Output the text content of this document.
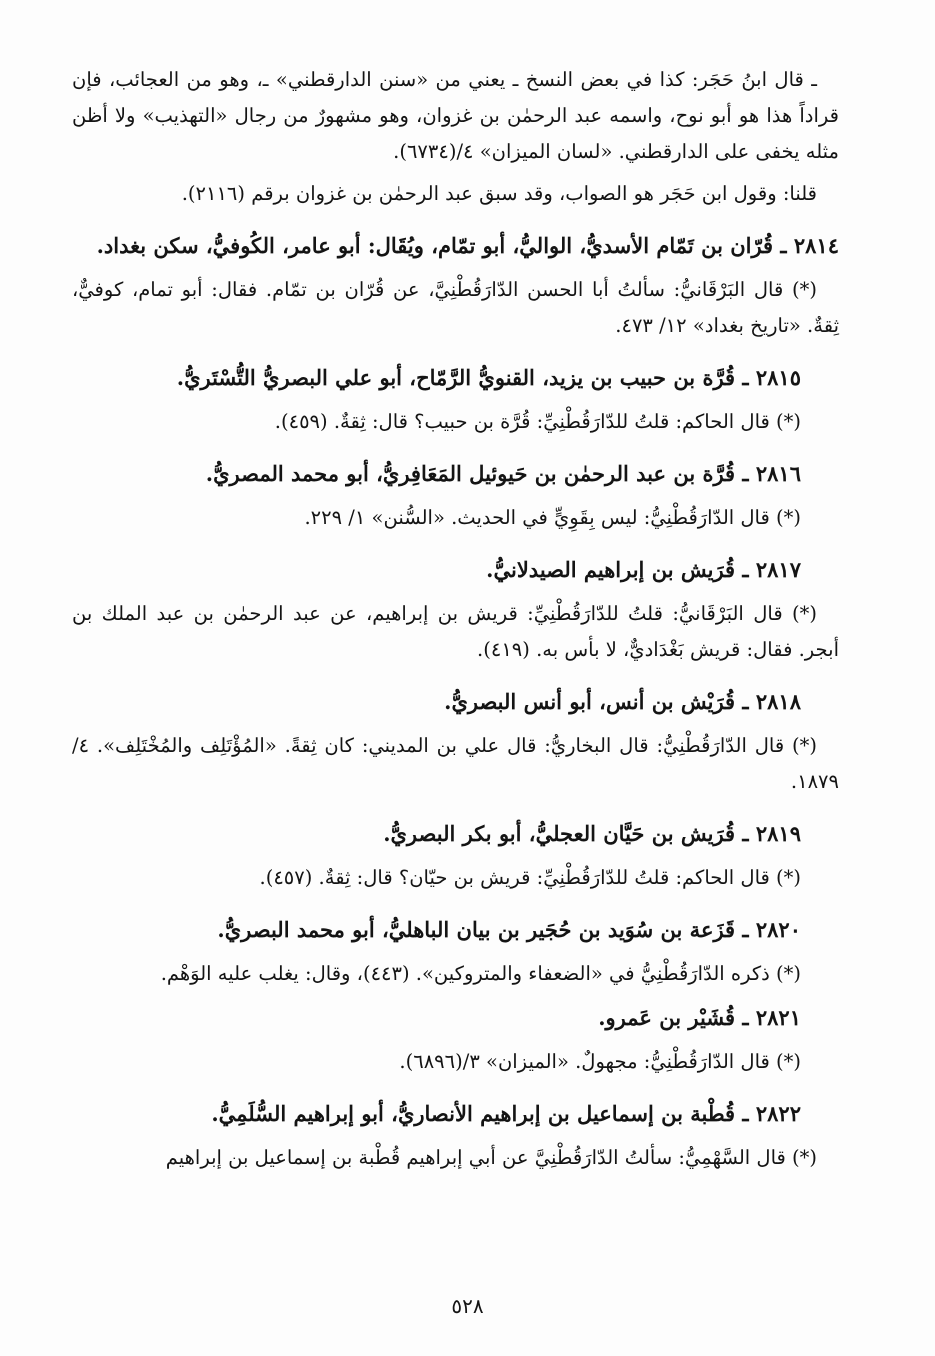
ـ قال ابنُ حَجَر: كذا في بعض النسخ ـ يعني من «سنن الدارقطني» ـ، وهو من العجائب، فإن قراداً هذا هو أبو نوح، واسمه عبد الرحمٰن بن غزوان، وهو مشهورٌ من رجال «التهذيب» ولا أظن مثله يخفى على الدارقطني. «لسان الميزان» ٤/(٦٧٣٤).

قلنا: وقول ابن حَجَر هو الصواب، وقد سبق عبد الرحمٰن بن غزوان برقم (٢١١٦).

٢٨١٤ ـ قُرّان بن تَمّام الأسديُّ، الواليُّ، أبو تمّام، ويُقَال: أبو عامر، الكُوفيُّ، سكن بغداد.

(*) قال البَرْقَانيُّ: سألتُ أبا الحسن الدّارَقُطْنِيَّ، عن قُرّان بن تمّام. فقال: أبو تمام، كوفيٌّ، ثِقةٌ. «تاريخ بغداد» ١٢/ ٤٧٣.

٢٨١٥ ـ قُرَّة بن حبيب بن يزيد، القنويُّ الرَّمّاح، أبو علي البصريُّ التُّسْتَريُّ.

(*) قال الحاكم: قلتُ للدّارَقُطْنِيِّ: قُرَّة بن حبيب؟ قال: ثِقةٌ. (٤٥٩).

٢٨١٦ ـ قُرَّة بن عبد الرحمٰن بن حَيوئيل المَعَافِريُّ، أبو محمد المصريُّ.

(*) قال الدّارَقُطْنِيُّ: ليس بِقَوِيٍّ في الحديث. «السُّنن» ١/ ٢٢٩.

٢٨١٧ ـ قُرَيش بن إبراهيم الصيدلانيُّ.

(*) قال البَرْقَانيُّ: قلتُ للدّارَقُطْنِيِّ: قريش بن إبراهيم، عن عبد الرحمٰن بن عبد الملك بن أبجر. فقال: قريش بَغْدَاديٌّ، لا بأس به. (٤١٩).

٢٨١٨ ـ قُرَيْش بن أنس، أبو أنس البصريُّ.

(*) قال الدّارَقُطْنِيُّ: قال البخاريُّ: قال علي بن المديني: كان ثِقةً. «المُؤْتَلِف والمُخْتَلِف». ٤/ ١٨٧٩.

٢٨١٩ ـ قُرَيش بن حَيَّان العجليُّ، أبو بكر البصريُّ.

(*) قال الحاكم: قلتُ للدّارَقُطْنِيِّ: قريش بن حيّان؟ قال: ثِقةٌ. (٤٥٧).

٢٨٢٠ ـ قَزَعة بن سُوَيد بن حُجَير بن بيان الباهليُّ، أبو محمد البصريُّ.

(*) ذكره الدّارَقُطْنِيُّ في «الضعفاء والمتروكين». (٤٤٣)، وقال: يغلب عليه الوَهْم.

٢٨٢١ ـ قُشَيْر بن عَمرو.

(*) قال الدّارَقُطْنِيُّ: مجهولٌ. «الميزان» ٣/(٦٨٩٦).

٢٨٢٢ ـ قُطْبة بن إسماعيل بن إبراهيم الأنصاريُّ، أبو إبراهيم السُّلَمِيُّ.

(*) قال السَّهْمِيُّ: سألتُ الدّارَقُطْنِيَّ عن أبي إبراهيم قُطْبة بن إسماعيل بن إبراهيم

٥٢٨
